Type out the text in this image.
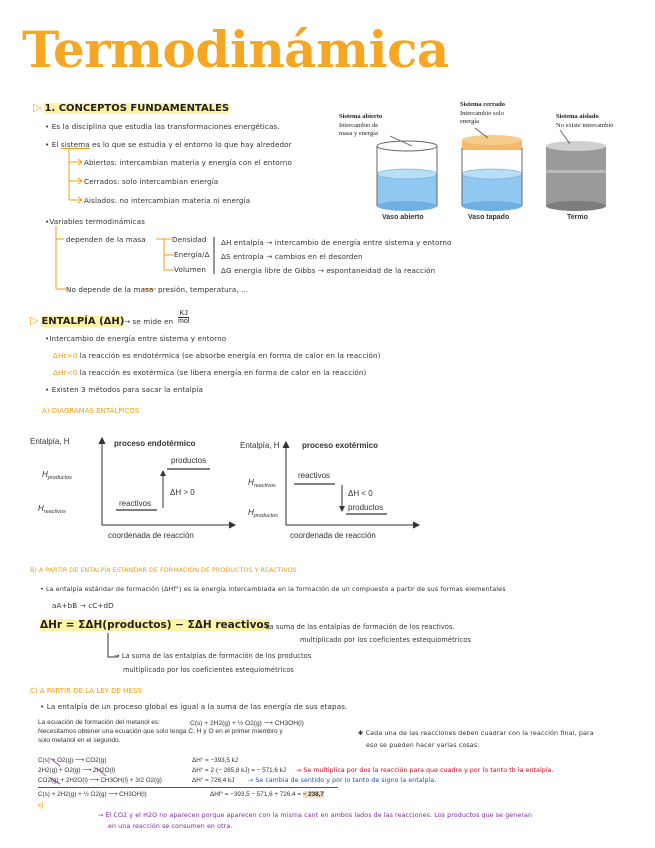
Termodinámica
▷ 1. CONCEPTOS FUNDAMENTALES
• Es la disciplina que estudia las transformaciones energéticas.
• El sistema es lo que se estudia y el entorno lo que hay alrededor
Abiertos: intercambian materia y energía con el entorno
Cerrados: solo intercambian energía
Aislados: no intercambian materia ni energía
•Variables termodinámicas
dependen de la masa	Densidad
Energía/Δ
Volumen
ΔH entalpía → intercambio de energía entre sistema y entorno
ΔS entropía → cambios en el desorden
ΔG energía libre de Gibbs → espontaneidad de la reacción
No depende de la masa presión, temperatura, ...
Sistema abierto
Intercambio de
masa y energía
Sistema cerrado
Intercambio solo
energía
Sistema aislado
No existe intercambio
Vaso abierto	Vaso tapado	Termo
▷ ENTALPÍA (ΔH) → se mide en
KJ
mol
•Intercambio de energía entre sistema y entorno
ΔHr>0 la reacción es endotérmica (se absorbe energía en forma de calor en la reacción)
ΔHr<0 la reacción es exotérmica (se libera energía en forma de calor en la reacción)
• Existen 3 métodos para sacar la entalpía
A) DIAGRAMAS ENTÁLPICOS
Entalpía, H	proceso endotérmico
$H_{productos}$
$H_{reactivos}$
productos
reactivos
ΔH > 0
coordenada de reacción
Entalpía, H	proceso exotérmico
$H_{reactivos}$
$H_{productos}$
reactivos
productos
ΔH < 0
coordenada de reacción
B) A PARTIR DE ENTALPÍA ESTÁNDAR DE FORMACIÓN DE PRODUCTOS Y REACTIVOS
• La entalpía estándar de formación (ΔHf°) es la energía intercambiada en la formación de un compuesto a partir de sus formas elementales
aA+bB → cC+dD
ΔHr = ΣΔH(productos) − ΣΔH reactivos
→ La suma de las entalpías de formación de los reactivos.
multiplicado por los coeficientes estequiométricos
→ La suma de las entalpías de formación de los productos
multiplicado por los coeficientes estequiométricos
C) A PARTIR DE LA LEY DE HESS
• La entalpía de un proceso global es igual a la suma de las energía de sus etapas.
La ecuación de formación del metanol es:	C(s) + 2H2(g) + ½ O2(g) ⟶ CH3OH(l)
Necesitamos obtener una ecuación que solo tenga C, H y O en el primer miembro y
solo metanol en el segundo.
✱ Cada una de las reacciones deben cuadrar con la reacción final, para
eso se pueden hacer varias cosas:
C(s) + O2(g) ⟶ CO2(g)	ΔH° = −393,5 kJ
2H2(g) + O2(g) ⟶ 2H2O(l)	ΔH° = 2·(− 285,8 kJ) = − 571,6 kJ → Se multiplica por dos la reacción para que cuadre y por lo tanto tb la entalpía.
CO2(g) + 2H2O(l) ⟶ CH3OH(l) + 3/2 O2(g)	ΔH° = 726,4 kJ → Se cambia de sentido y por lo tanto de signo la entalpía.
C(s) + 2H2(g) + ½ O2(g) ⟶ CH3OH(l)	ΔHf° = −393,5 − 571,6 + 726,4 = − 238,7
kJ
→ El CO2 y el H2O no aparecen porque aparecen con la misma cant en ambos lados de las reacciones. Los productos que se generan
en una reacción se consumen en otra.
